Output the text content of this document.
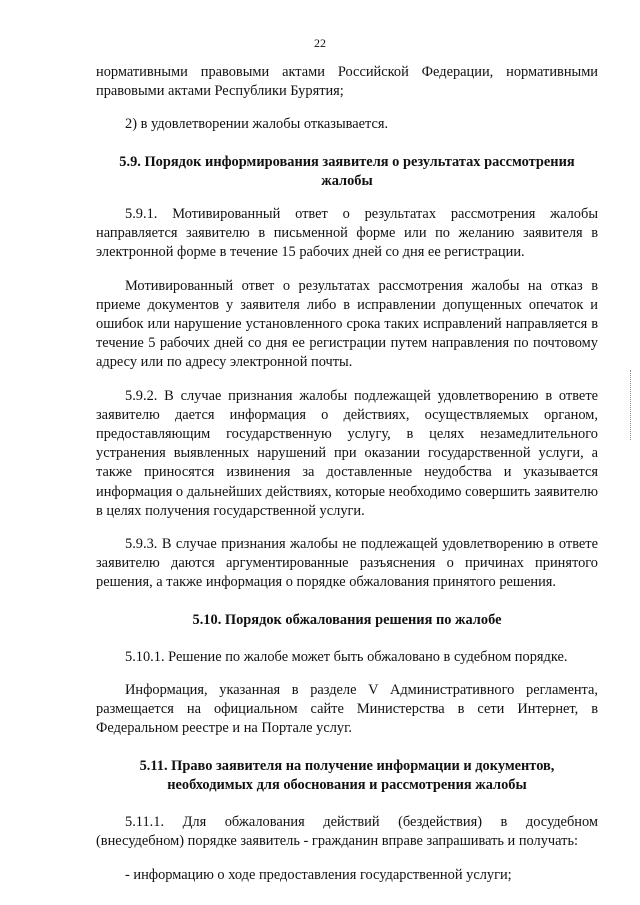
22

нормативными правовыми актами Российской Федерации, нормативными правовыми актами Республики Бурятия;

2) в удовлетворении жалобы отказывается.

5.9. Порядок информирования заявителя о результатах рассмотрения жалобы

5.9.1. Мотивированный ответ о результатах рассмотрения жалобы направляется заявителю в письменной форме или по желанию заявителя в электронной форме в течение 15 рабочих дней со дня ее регистрации.

Мотивированный ответ о результатах рассмотрения жалобы на отказ в приеме документов у заявителя либо в исправлении допущенных опечаток и ошибок или нарушение установленного срока таких исправлений направляется в течение 5 рабочих дней со дня ее регистрации путем направления по почтовому адресу или по адресу электронной почты.

5.9.2. В случае признания жалобы подлежащей удовлетворению в ответе заявителю дается информация о действиях, осуществляемых органом, предоставляющим государственную услугу, в целях незамедлительного устранения выявленных нарушений при оказании государственной услуги, а также приносятся извинения за доставленные неудобства и указывается информация о дальнейших действиях, которые необходимо совершить заявителю в целях получения государственной услуги.

5.9.3. В случае признания жалобы не подлежащей удовлетворению в ответе заявителю даются аргументированные разъяснения о причинах принятого решения, а также информация о порядке обжалования принятого решения.

5.10. Порядок обжалования решения по жалобе

5.10.1. Решение по жалобе может быть обжаловано в судебном порядке.

Информация, указанная в разделе V Административного регламента, размещается на официальном сайте Министерства в сети Интернет, в Федеральном реестре и на Портале услуг.

5.11. Право заявителя на получение информации и документов, необходимых для обоснования и рассмотрения жалобы

5.11.1. Для обжалования действий (бездействия) в досудебном (внесудебном) порядке заявитель - гражданин вправе запрашивать и получать:

- информацию о ходе предоставления государственной услуги;
